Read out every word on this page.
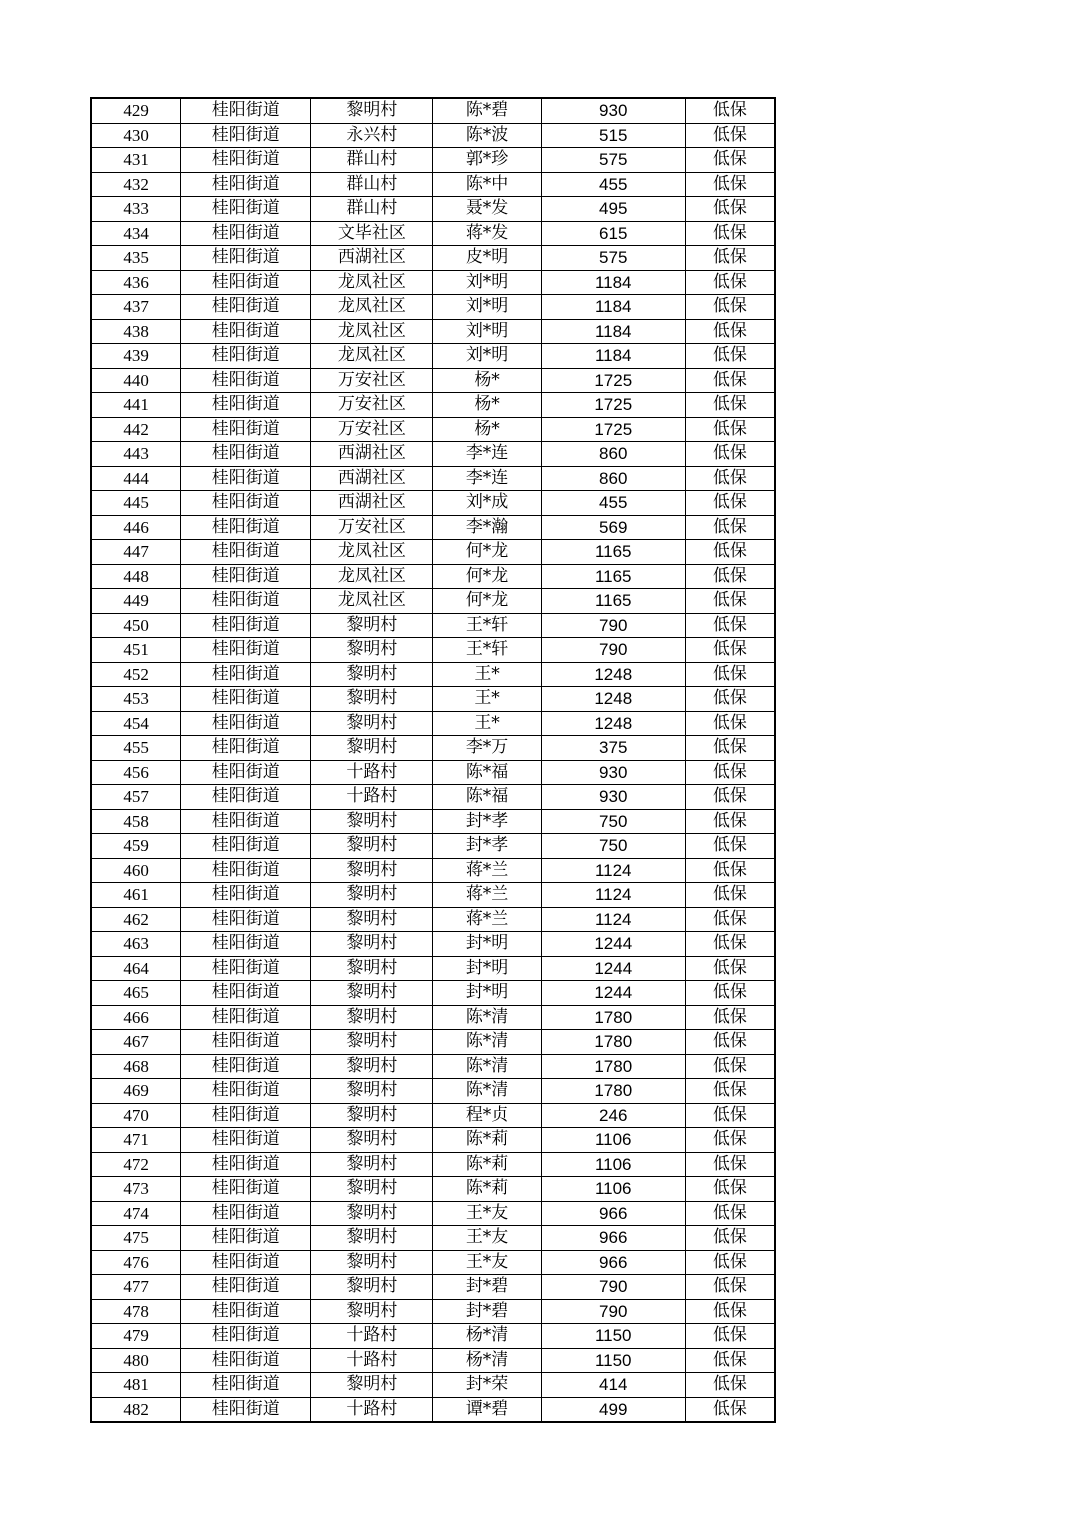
429	桂阳街道	黎明村	陈*碧	930	低保
430	桂阳街道	永兴村	陈*波	515	低保
431	桂阳街道	群山村	郭*珍	575	低保
432	桂阳街道	群山村	陈*中	455	低保
433	桂阳街道	群山村	聂*发	495	低保
434	桂阳街道	文毕社区	蒋*发	615	低保
435	桂阳街道	西湖社区	皮*明	575	低保
436	桂阳街道	龙凤社区	刘*明	1184	低保
437	桂阳街道	龙凤社区	刘*明	1184	低保
438	桂阳街道	龙凤社区	刘*明	1184	低保
439	桂阳街道	龙凤社区	刘*明	1184	低保
440	桂阳街道	万安社区	杨*	1725	低保
441	桂阳街道	万安社区	杨*	1725	低保
442	桂阳街道	万安社区	杨*	1725	低保
443	桂阳街道	西湖社区	李*连	860	低保
444	桂阳街道	西湖社区	李*连	860	低保
445	桂阳街道	西湖社区	刘*成	455	低保
446	桂阳街道	万安社区	李*瀚	569	低保
447	桂阳街道	龙凤社区	何*龙	1165	低保
448	桂阳街道	龙凤社区	何*龙	1165	低保
449	桂阳街道	龙凤社区	何*龙	1165	低保
450	桂阳街道	黎明村	王*轩	790	低保
451	桂阳街道	黎明村	王*轩	790	低保
452	桂阳街道	黎明村	王*	1248	低保
453	桂阳街道	黎明村	王*	1248	低保
454	桂阳街道	黎明村	王*	1248	低保
455	桂阳街道	黎明村	李*万	375	低保
456	桂阳街道	十路村	陈*福	930	低保
457	桂阳街道	十路村	陈*福	930	低保
458	桂阳街道	黎明村	封*孝	750	低保
459	桂阳街道	黎明村	封*孝	750	低保
460	桂阳街道	黎明村	蒋*兰	1124	低保
461	桂阳街道	黎明村	蒋*兰	1124	低保
462	桂阳街道	黎明村	蒋*兰	1124	低保
463	桂阳街道	黎明村	封*明	1244	低保
464	桂阳街道	黎明村	封*明	1244	低保
465	桂阳街道	黎明村	封*明	1244	低保
466	桂阳街道	黎明村	陈*清	1780	低保
467	桂阳街道	黎明村	陈*清	1780	低保
468	桂阳街道	黎明村	陈*清	1780	低保
469	桂阳街道	黎明村	陈*清	1780	低保
470	桂阳街道	黎明村	程*贞	246	低保
471	桂阳街道	黎明村	陈*莉	1106	低保
472	桂阳街道	黎明村	陈*莉	1106	低保
473	桂阳街道	黎明村	陈*莉	1106	低保
474	桂阳街道	黎明村	王*友	966	低保
475	桂阳街道	黎明村	王*友	966	低保
476	桂阳街道	黎明村	王*友	966	低保
477	桂阳街道	黎明村	封*碧	790	低保
478	桂阳街道	黎明村	封*碧	790	低保
479	桂阳街道	十路村	杨*清	1150	低保
480	桂阳街道	十路村	杨*清	1150	低保
481	桂阳街道	黎明村	封*荣	414	低保
482	桂阳街道	十路村	谭*碧	499	低保
